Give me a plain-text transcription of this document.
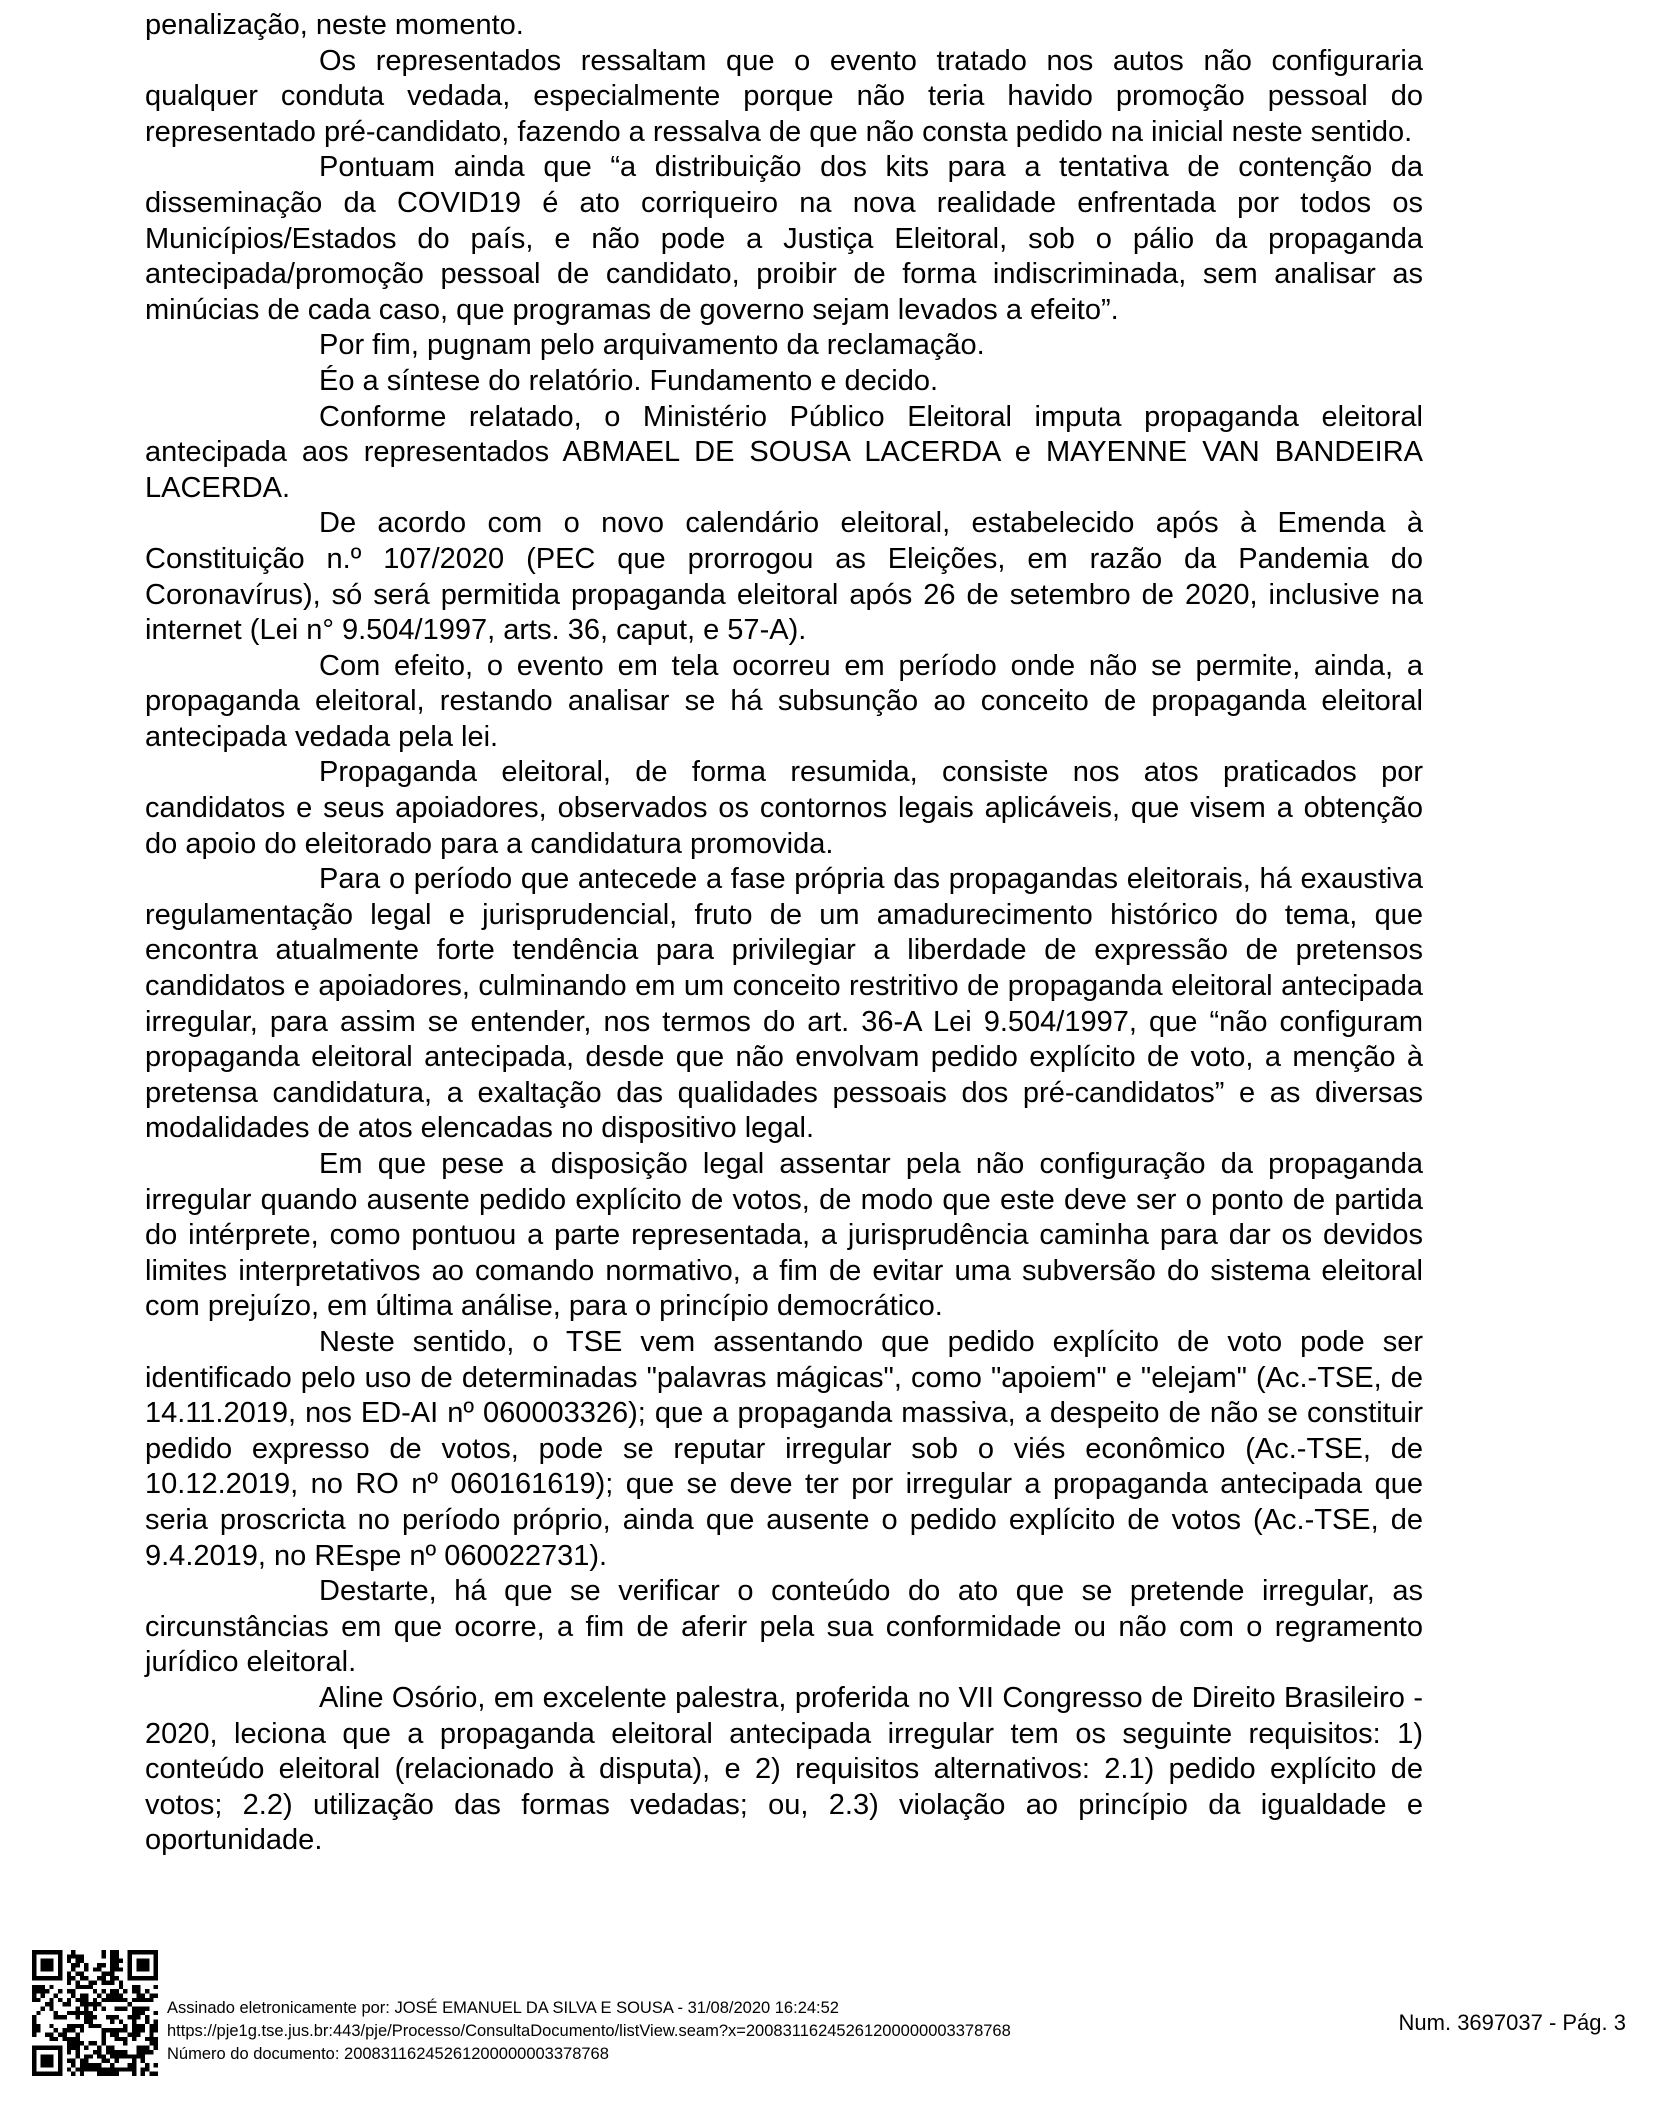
penalização, neste momento.

Os representados ressaltam que o evento tratado nos autos não configuraria qualquer conduta vedada, especialmente porque não teria havido promoção pessoal do representado pré-candidato, fazendo a ressalva de que não consta pedido na inicial neste sentido.

Pontuam ainda que “a distribuição dos kits para a tentativa de contenção da disseminação da COVID19 é ato corriqueiro na nova realidade enfrentada por todos os Municípios/Estados do país, e não pode a Justiça Eleitoral, sob o pálio da propaganda antecipada/promoção pessoal de candidato, proibir de forma indiscriminada, sem analisar as minúcias de cada caso, que programas de governo sejam levados a efeito”.

Por fim, pugnam pelo arquivamento da reclamação.

Éo a síntese do relatório. Fundamento e decido.

Conforme relatado, o Ministério Público Eleitoral imputa propaganda eleitoral antecipada aos representados ABMAEL DE SOUSA LACERDA e MAYENNE VAN BANDEIRA LACERDA.

De acordo com o novo calendário eleitoral, estabelecido após à Emenda à Constituição n.º 107/2020 (PEC que prorrogou as Eleições, em razão da Pandemia do Coronavírus), só será permitida propaganda eleitoral após 26 de setembro de 2020, inclusive na internet (Lei n° 9.504/1997, arts. 36, caput, e 57-A).

Com efeito, o evento em tela ocorreu em período onde não se permite, ainda, a propaganda eleitoral, restando analisar se há subsunção ao conceito de propaganda eleitoral antecipada vedada pela lei.

Propaganda eleitoral, de forma resumida, consiste nos atos praticados por candidatos e seus apoiadores, observados os contornos legais aplicáveis, que visem a obtenção do apoio do eleitorado para a candidatura promovida.

Para o período que antecede a fase própria das propagandas eleitorais, há exaustiva regulamentação legal e jurisprudencial, fruto de um amadurecimento histórico do tema, que encontra atualmente forte tendência para privilegiar a liberdade de expressão de pretensos candidatos e apoiadores, culminando em um conceito restritivo de propaganda eleitoral antecipada irregular, para assim se entender, nos termos do art. 36-A Lei 9.504/1997, que “não configuram propaganda eleitoral antecipada, desde que não envolvam pedido explícito de voto, a menção à pretensa candidatura, a exaltação das qualidades pessoais dos pré-candidatos” e as diversas modalidades de atos elencadas no dispositivo legal.

Em que pese a disposição legal assentar pela não configuração da propaganda irregular quando ausente pedido explícito de votos, de modo que este deve ser o ponto de partida do intérprete, como pontuou a parte representada, a jurisprudência caminha para dar os devidos limites interpretativos ao comando normativo, a fim de evitar uma subversão do sistema eleitoral com prejuízo, em última análise, para o princípio democrático.

Neste sentido, o TSE vem assentando que pedido explícito de voto pode ser identificado pelo uso de determinadas "palavras mágicas", como "apoiem" e "elejam" (Ac.-TSE, de 14.11.2019, nos ED-AI nº 060003326); que a propaganda massiva, a despeito de não se constituir pedido expresso de votos, pode se reputar irregular sob o viés econômico (Ac.-TSE, de 10.12.2019, no RO nº 060161619); que se deve ter por irregular a propaganda antecipada que seria proscricta no período próprio, ainda que ausente o pedido explícito de votos (Ac.-TSE, de 9.4.2019, no REspe nº 060022731).

Destarte, há que se verificar o conteúdo do ato que se pretende irregular, as circunstâncias em que ocorre, a fim de aferir pela sua conformidade ou não com o regramento jurídico eleitoral.

Aline Osório, em excelente palestra, proferida no VII Congresso de Direito Brasileiro - 2020, leciona que a propaganda eleitoral antecipada irregular tem os seguinte requisitos: 1) conteúdo eleitoral (relacionado à disputa), e 2) requisitos alternativos: 2.1) pedido explícito de votos; 2.2) utilização das formas vedadas; ou, 2.3) violação ao princípio da igualdade e oportunidade.

Assinado eletronicamente por: JOSÉ EMANUEL DA SILVA E SOUSA - 31/08/2020 16:24:52
https://pje1g.tse.jus.br:443/pje/Processo/ConsultaDocumento/listView.seam?x=20083116245261200000003378768
Número do documento: 20083116245261200000003378768
Num. 3697037 - Pág. 3
